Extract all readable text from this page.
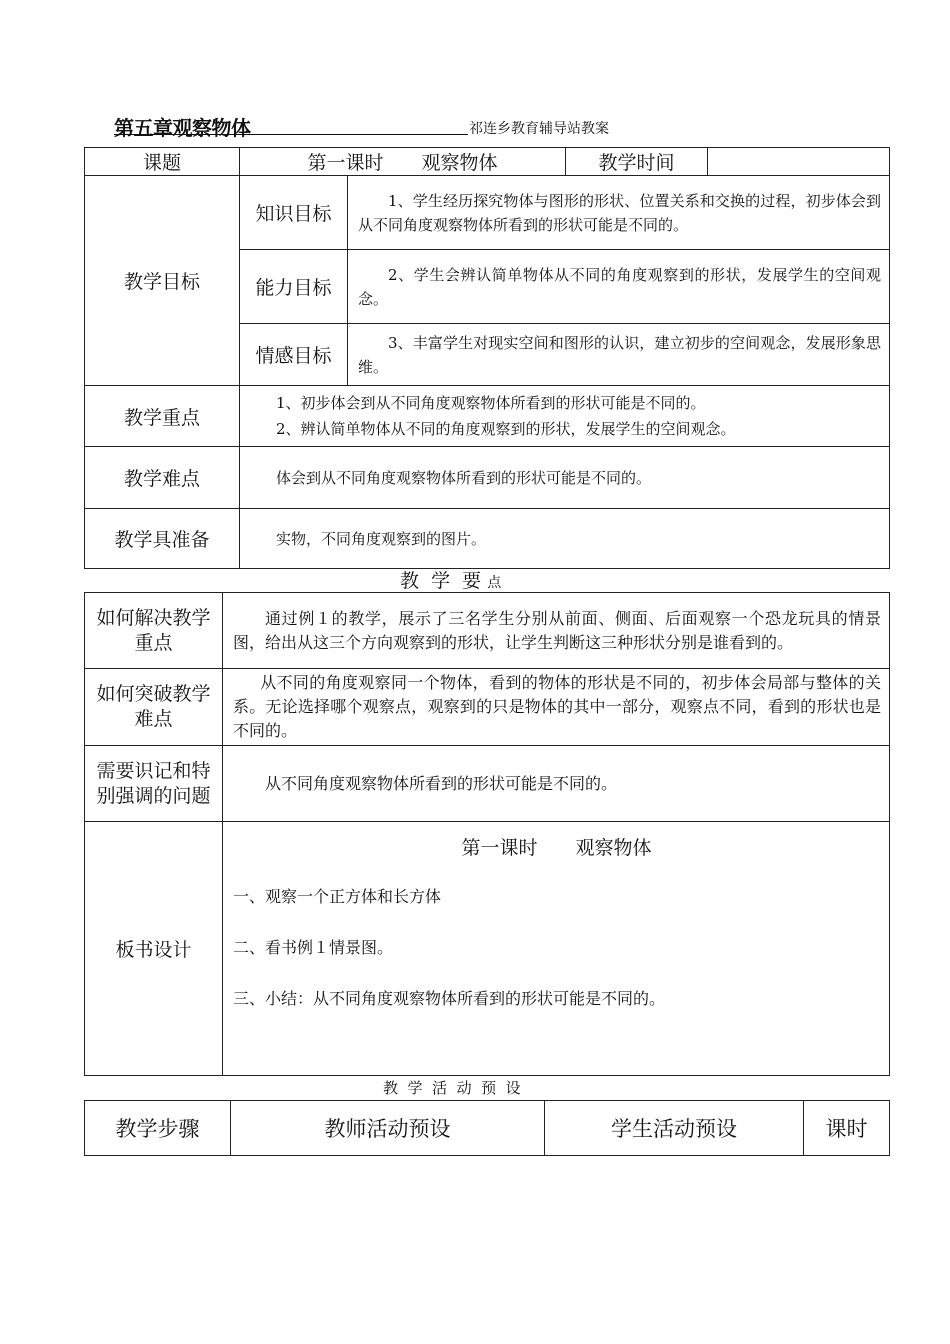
第五章观察物体	祁连乡教育辅导站教案
课题	第一课时　　观察物体		教学时间	
教学目标	知识目标	1、学生经历探究物体与图形的形状、位置关系和交换的过程，初步体会到从不同角度观察物体所看到的形状可能是不同的。		
	能力目标	2、学生会辨认简单物体从不同的角度观察到的形状，发展学生的空间观念。		
	情感目标	3、丰富学生对现实空间和图形的认识，建立初步的空间观念，发展形象思维。		
教学重点	1、初步体会到从不同角度观察物体所看到的形状可能是不同的。
2、辨认简单物体从不同的角度观察到的形状，发展学生的空间观念。			

教学难点	体会到从不同角度观察物体所看到的形状可能是不同的。			
教学具准备	实物，不同角度观察到的图片。			
教  学  要 点
如何解决教学重点	通过例１的教学，展示了三名学生分别从前面、侧面、后面观察一个恐龙玩具的情景图，给出从这三个方向观察到的形状，让学生判断这三种形状分别是谁看到的。
如何突破教学难点	从不同的角度观察同一个物体，看到的物体的形状是不同的，初步体会局部与整体的关系。无论选择哪个观察点，观察到的只是物体的其中一部分，观察点不同，看到的形状也是不同的。
需要识记和特别强调的问题	从不同角度观察物体所看到的形状可能是不同的。
板书设计	第一课时　　观察物体
一、观察一个正方体和长方体
二、看书例１情景图。
三、小结：从不同角度观察物体所看到的形状可能是不同的。
教  学  活  动  预  设
教学步骤	教师活动预设	学生活动预设	课时
